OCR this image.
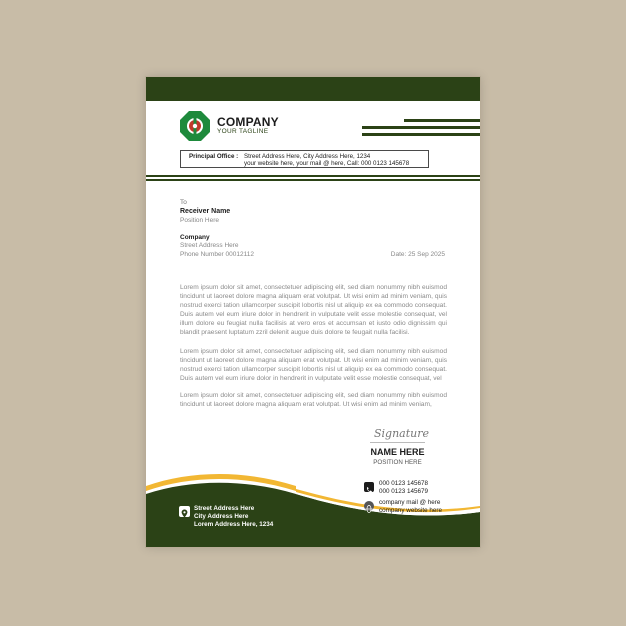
COMPANY
YOUR TAGLINE
Principal Office : Street Address Here, City Address Here, 1234
your website here, your mail @ here, Call: 000 0123 145678
To
Receiver Name
Position Here
Company
Street Address Here
Phone Number 00012112	Date: 25 Sep 2025

Lorem ipsum dolor sit amet, consectetuer adipiscing elit, sed diam nonummy nibh euismod tincidunt ut laoreet dolore magna aliquam erat volutpat. Ut wisi enim ad minim veniam, quis nostrud exerci tation ullamcorper suscipit lobortis nisl ut aliquip ex ea commodo consequat. Duis autem vel eum iriure dolor in hendrerit in vulputate velit esse molestie consequat, vel illum dolore eu feugiat nulla facilisis at vero eros et accumsan et iusto odio dignissim qui blandit praesent luptatum zzril delenit augue duis dolore te feugait nulla facilisi.

Lorem ipsum dolor sit amet, consectetuer adipiscing elit, sed diam nonummy nibh euismod tincidunt ut laoreet dolore magna aliquam erat volutpat. Ut wisi enim ad minim veniam, quis nostrud exerci tation ullamcorper suscipit lobortis nisl ut aliquip ex ea commodo consequat. Duis autem vel eum iriure dolor in hendrerit in vulputate velit esse molestie consequat, vel

Lorem ipsum dolor sit amet, consectetuer adipiscing elit, sed diam nonummy nibh euismod tincidunt ut laoreet dolore magna aliquam erat volutpat. Ut wisi enim ad minim veniam,

Signature
NAME HERE
POSITION HERE
Street Address Here
City Address Here
Lorem Address Here, 1234
000 0123 145678
000 0123 145679
company mail @ here
company website here
